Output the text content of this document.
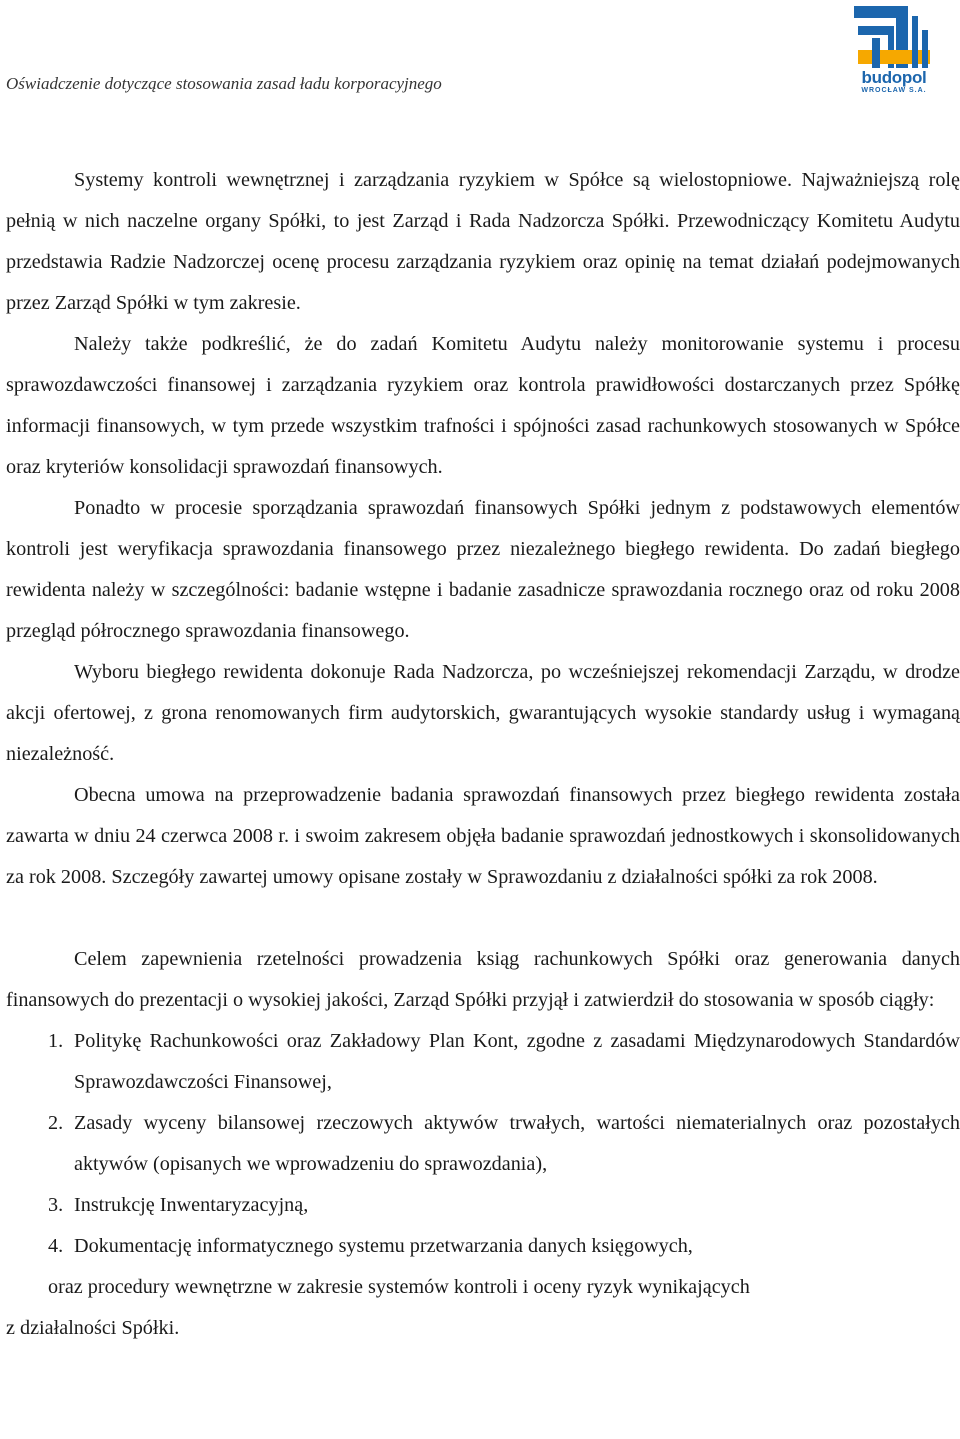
Oświadczenie dotyczące stosowania zasad ładu korporacyjnego	budopol
WROCŁAW S.A.

Systemy kontroli wewnętrznej i zarządzania ryzykiem w Spółce są wielostopniowe. Najważniejszą rolę pełnią w nich naczelne organy Spółki, to jest Zarząd i Rada Nadzorcza Spółki. Przewodniczący Komitetu Audytu przedstawia Radzie Nadzorczej ocenę procesu zarządzania ryzykiem oraz opinię na temat działań podejmowanych przez Zarząd Spółki w tym zakresie.

Należy także podkreślić, że do zadań Komitetu Audytu należy monitorowanie systemu i procesu sprawozdawczości finansowej i zarządzania ryzykiem oraz kontrola prawidłowości dostarczanych przez Spółkę informacji finansowych, w tym przede wszystkim trafności i spójności zasad rachunkowych stosowanych w Spółce oraz kryteriów konsolidacji sprawozdań finansowych.

Ponadto w procesie sporządzania sprawozdań finansowych Spółki jednym z podstawowych elementów kontroli jest weryfikacja sprawozdania finansowego przez niezależnego biegłego rewidenta. Do zadań biegłego rewidenta należy w szczególności: badanie wstępne i badanie zasadnicze sprawozdania rocznego oraz od roku 2008 przegląd półrocznego sprawozdania finansowego.

Wyboru biegłego rewidenta dokonuje Rada Nadzorcza, po wcześniejszej rekomendacji Zarządu, w drodze akcji ofertowej, z grona renomowanych firm audytorskich, gwarantujących wysokie standardy usług i wymaganą niezależność.

Obecna umowa na przeprowadzenie badania sprawozdań finansowych przez biegłego rewidenta została zawarta w dniu 24 czerwca 2008 r. i swoim zakresem objęła badanie sprawozdań jednostkowych i skonsolidowanych za rok 2008. Szczegóły zawartej umowy opisane zostały w Sprawozdaniu z działalności spółki za rok 2008.

Celem zapewnienia rzetelności prowadzenia ksiąg rachunkowych Spółki oraz generowania danych finansowych do prezentacji o wysokiej jakości, Zarząd Spółki przyjął i zatwierdził do stosowania w sposób ciągły:

1. Politykę Rachunkowości oraz Zakładowy Plan Kont, zgodne z zasadami Międzynarodowych Standardów Sprawozdawczości Finansowej,
2. Zasady wyceny bilansowej rzeczowych aktywów trwałych, wartości niematerialnych oraz pozostałych aktywów (opisanych we wprowadzeniu do sprawozdania),
3. Instrukcję Inwentaryzacyjną,
4. Dokumentację informatycznego systemu przetwarzania danych księgowych,

oraz procedury wewnętrzne w zakresie systemów kontroli i oceny ryzyk wynikających
z działalności Spółki.
